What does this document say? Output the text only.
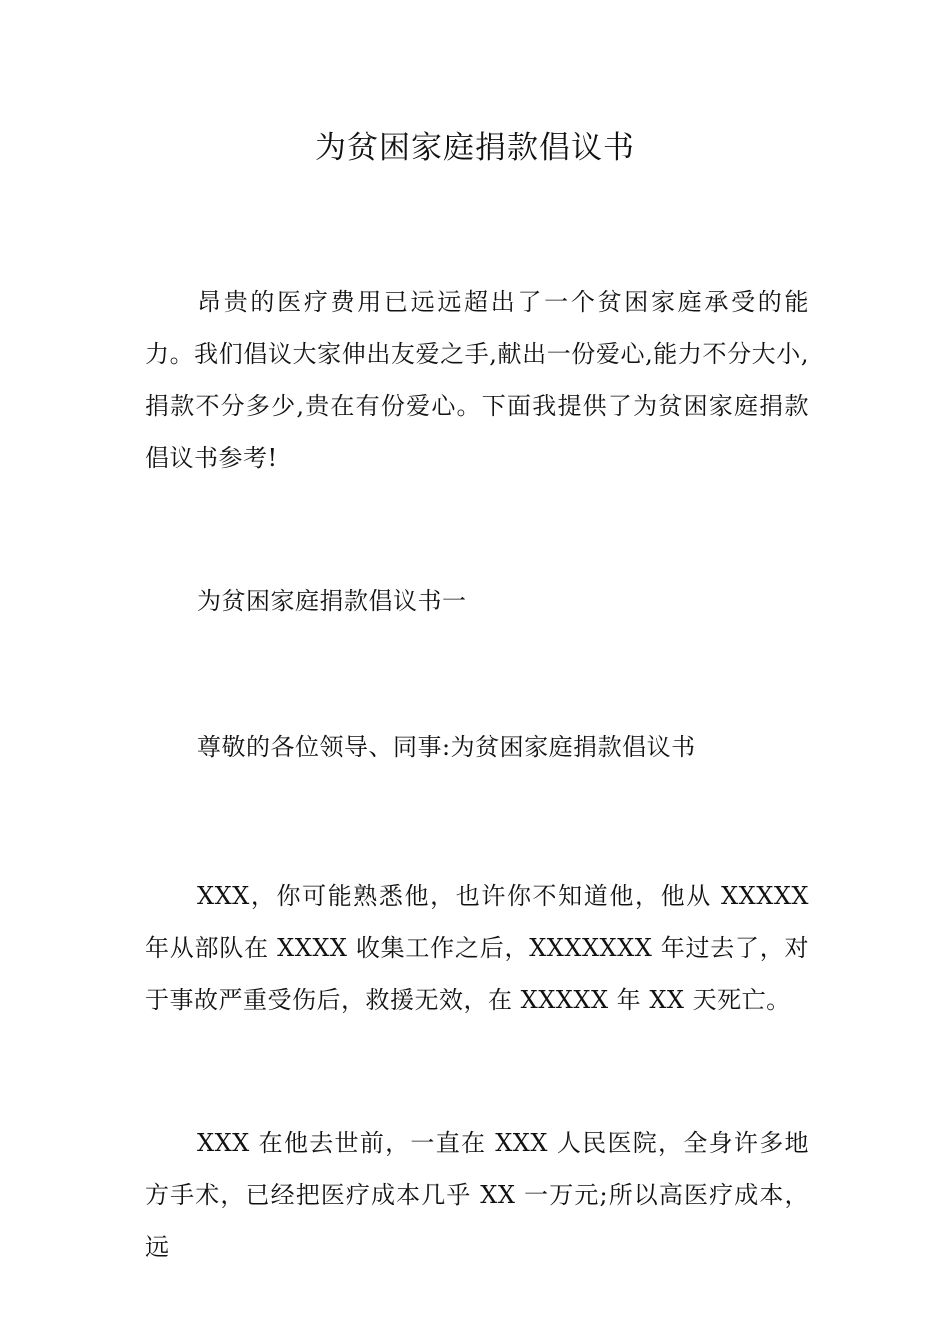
为贫困家庭捐款倡议书

昂贵的医疗费用已远远超出了一个贫困家庭承受的能力。我们倡议大家伸出友爱之手,献出一份爱心,能力不分大小,捐款不分多少,贵在有份爱心。下面我提供了为贫困家庭捐款倡议书参考!

为贫困家庭捐款倡议书一

尊敬的各位领导、同事:为贫困家庭捐款倡议书

XXX，你可能熟悉他，也许你不知道他，他从 XXXXX 年从部队在 XXXX 收集工作之后，XXXXXXX 年过去了，对于事故严重受伤后，救援无效，在 XXXXX 年 XX 天死亡。

XXX 在他去世前，一直在 XXX 人民医院，全身许多地方手术，已经把医疗成本几乎 XX 一万元;所以高医疗成本，远
